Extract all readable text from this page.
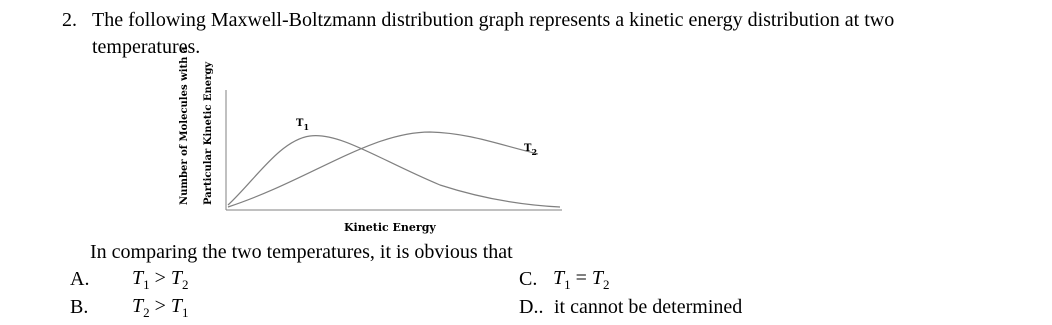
2. The following Maxwell-Boltzmann distribution graph represents a kinetic energy distribution at two
temperatures.
Number of Molecules with a Particular Kinetic Energy	$T_1$
$T_2$
Kinetic Energy
In comparing the two temperatures, it is obvious that
A. $T_1 > T_2$
B. $T_2 > T_1$
C. $T_1 = T_2$
D.. it cannot be determined
